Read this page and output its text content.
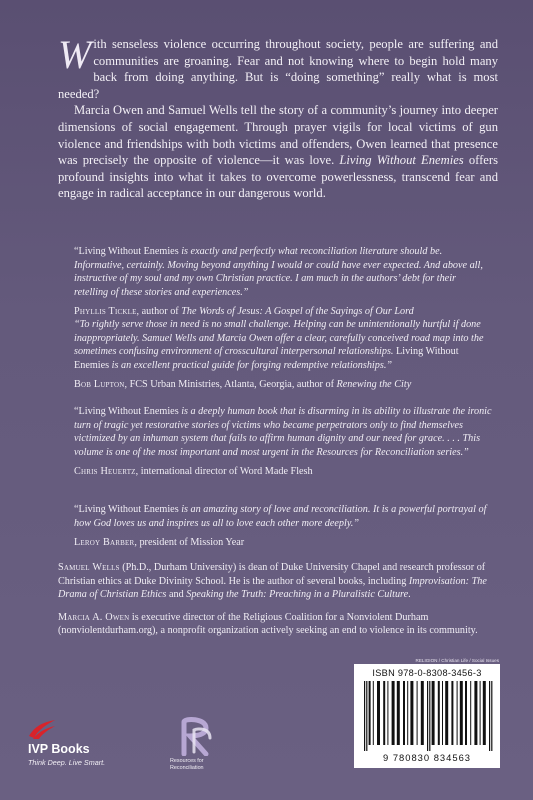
With senseless violence occurring throughout society, people are suffering and communities are groaning. Fear and not knowing where to begin hold many back from doing anything. But is “doing something” really what is most needed?

Marcia Owen and Samuel Wells tell the story of a community’s journey into deeper dimensions of social engagement. Through prayer vigils for local victims of gun violence and friendships with both victims and offenders, Owen learned that presence was precisely the opposite of violence—it was love. Living Without Enemies offers profound insights into what it takes to overcome powerlessness, transcend fear and engage in radical acceptance in our dangerous world.

“Living Without Enemies is exactly and perfectly what reconciliation literature should be. Informative, certainly. Moving beyond anything I would or could have ever expected. And above all, instructive of my soul and my own Christian practice. I am much in the authors’ debt for their retelling of these stories and experiences.”

Phyllis Tickle, author of The Words of Jesus: A Gospel of the Sayings of Our Lord

“To rightly serve those in need is no small challenge. Helping can be unintentionally hurtful if done inappropriately. Samuel Wells and Marcia Owen offer a clear, carefully conceived road map into the sometimes confusing environment of crosscultural interpersonal relationships. Living Without Enemies is an excellent practical guide for forging redemptive relationships.”

Bob Lupton, FCS Urban Ministries, Atlanta, Georgia, author of Renewing the City

“Living Without Enemies is a deeply human book that is disarming in its ability to illustrate the ironic turn of tragic yet restorative stories of victims who became perpetrators only to find themselves victimized by an inhuman system that fails to affirm human dignity and our need for grace. . . . This volume is one of the most important and most urgent in the Resources for Reconciliation series.”

Chris Heuertz, international director of Word Made Flesh

“Living Without Enemies is an amazing story of love and reconciliation. It is a powerful portrayal of how God loves us and inspires us all to love each other more deeply.”

Leroy Barber, president of Mission Year

Samuel Wells (Ph.D., Durham University) is dean of Duke University Chapel and research professor of Christian ethics at Duke Divinity School. He is the author of several books, including Improvisation: The Drama of Christian Ethics and Speaking the Truth: Preaching in a Pluralistic Culture.

Marcia A. Owen is executive director of the Religious Coalition for a Nonviolent Durham (nonviolentdurham.org), a nonprofit organization actively seeking an end to violence in its community.

RELIGION / Christian Life / Social Issues
ISBN 978-0-8308-3456-3
9 780830 834563
IVP Books
Think Deep. Live Smart.	Resources for
Reconciliation
